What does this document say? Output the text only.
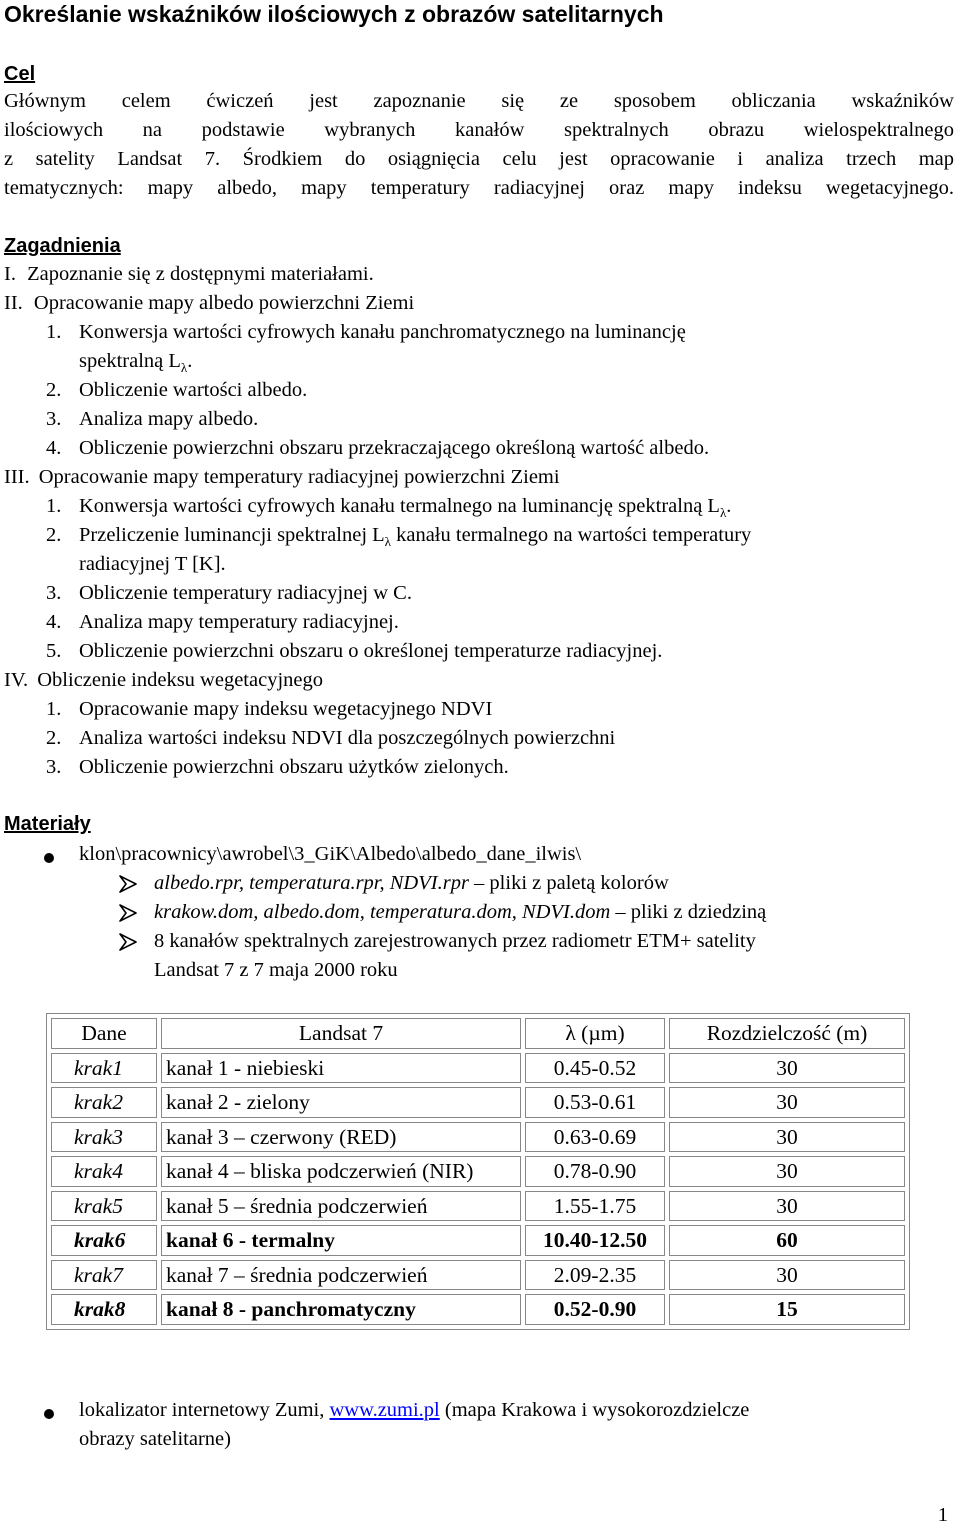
Określanie wskaźników ilościowych z obrazów satelitarnych
Cel
Głównym celem ćwiczeń jest zapoznanie się ze sposobem obliczania wskaźników
ilościowych na podstawie wybranych kanałów spektralnych obrazu wielospektralnego
z satelity Landsat 7. Środkiem do osiągnięcia celu jest opracowanie i analiza trzech map
tematycznych: mapy albedo, mapy temperatury radiacyjnej oraz mapy indeksu wegetacyjnego.
Zagadnienia
I. Zapoznanie się z dostępnymi materiałami.
II. Opracowanie mapy albedo powierzchni Ziemi
1. Konwersja wartości cyfrowych kanału panchromatycznego na luminancję
spektralną $L_\lambda$.
2. Obliczenie wartości albedo.
3. Analiza mapy albedo.
4. Obliczenie powierzchni obszaru przekraczającego określoną wartość albedo.
III. Opracowanie mapy temperatury radiacyjnej powierzchni Ziemi
1. Konwersja wartości cyfrowych kanału termalnego na luminancję spektralną $L_\lambda$.
2. Przeliczenie luminancji spektralnej $L_\lambda$ kanału termalnego na wartości temperatury
radiacyjnej T [K].
3. Obliczenie temperatury radiacyjnej w C.
4. Analiza mapy temperatury radiacyjnej.
5. Obliczenie powierzchni obszaru o określonej temperaturze radiacyjnej.
IV. Obliczenie indeksu wegetacyjnego
1. Opracowanie mapy indeksu wegetacyjnego NDVI
2. Analiza wartości indeksu NDVI dla poszczególnych powierzchni
3. Obliczenie powierzchni obszaru użytków zielonych.
Materiały
klon\pracownicy\awrobel\3_GiK\Albedo\albedo_dane_ilwis\
albedo.rpr, temperatura.rpr, NDVI.rpr – pliki z paletą kolorów
krakow.dom, albedo.dom, temperatura.dom, NDVI.dom – pliki z dziedziną
8 kanałów spektralnych zarejestrowanych przez radiometr ETM+ satelity
Landsat 7 z 7 maja 2000 roku
Dane	Landsat 7	λ (µm)	Rozdzielczość (m)
krak1	kanał 1 - niebieski	0.45-0.52	30
krak2	kanał 2 - zielony	0.53-0.61	30
krak3	kanał 3 – czerwony (RED)	0.63-0.69	30
krak4	kanał 4 – bliska podczerwień (NIR)	0.78-0.90	30
krak5	kanał 5 – średnia podczerwień	1.55-1.75	30
krak6	kanał 6 - termalny	10.40-12.50	60
krak7	kanał 7 – średnia podczerwień	2.09-2.35	30
krak8	kanał 8 - panchromatyczny	0.52-0.90	15
lokalizator internetowy Zumi, www.zumi.pl (mapa Krakowa i wysokorozdzielcze
obrazy satelitarne)
1
